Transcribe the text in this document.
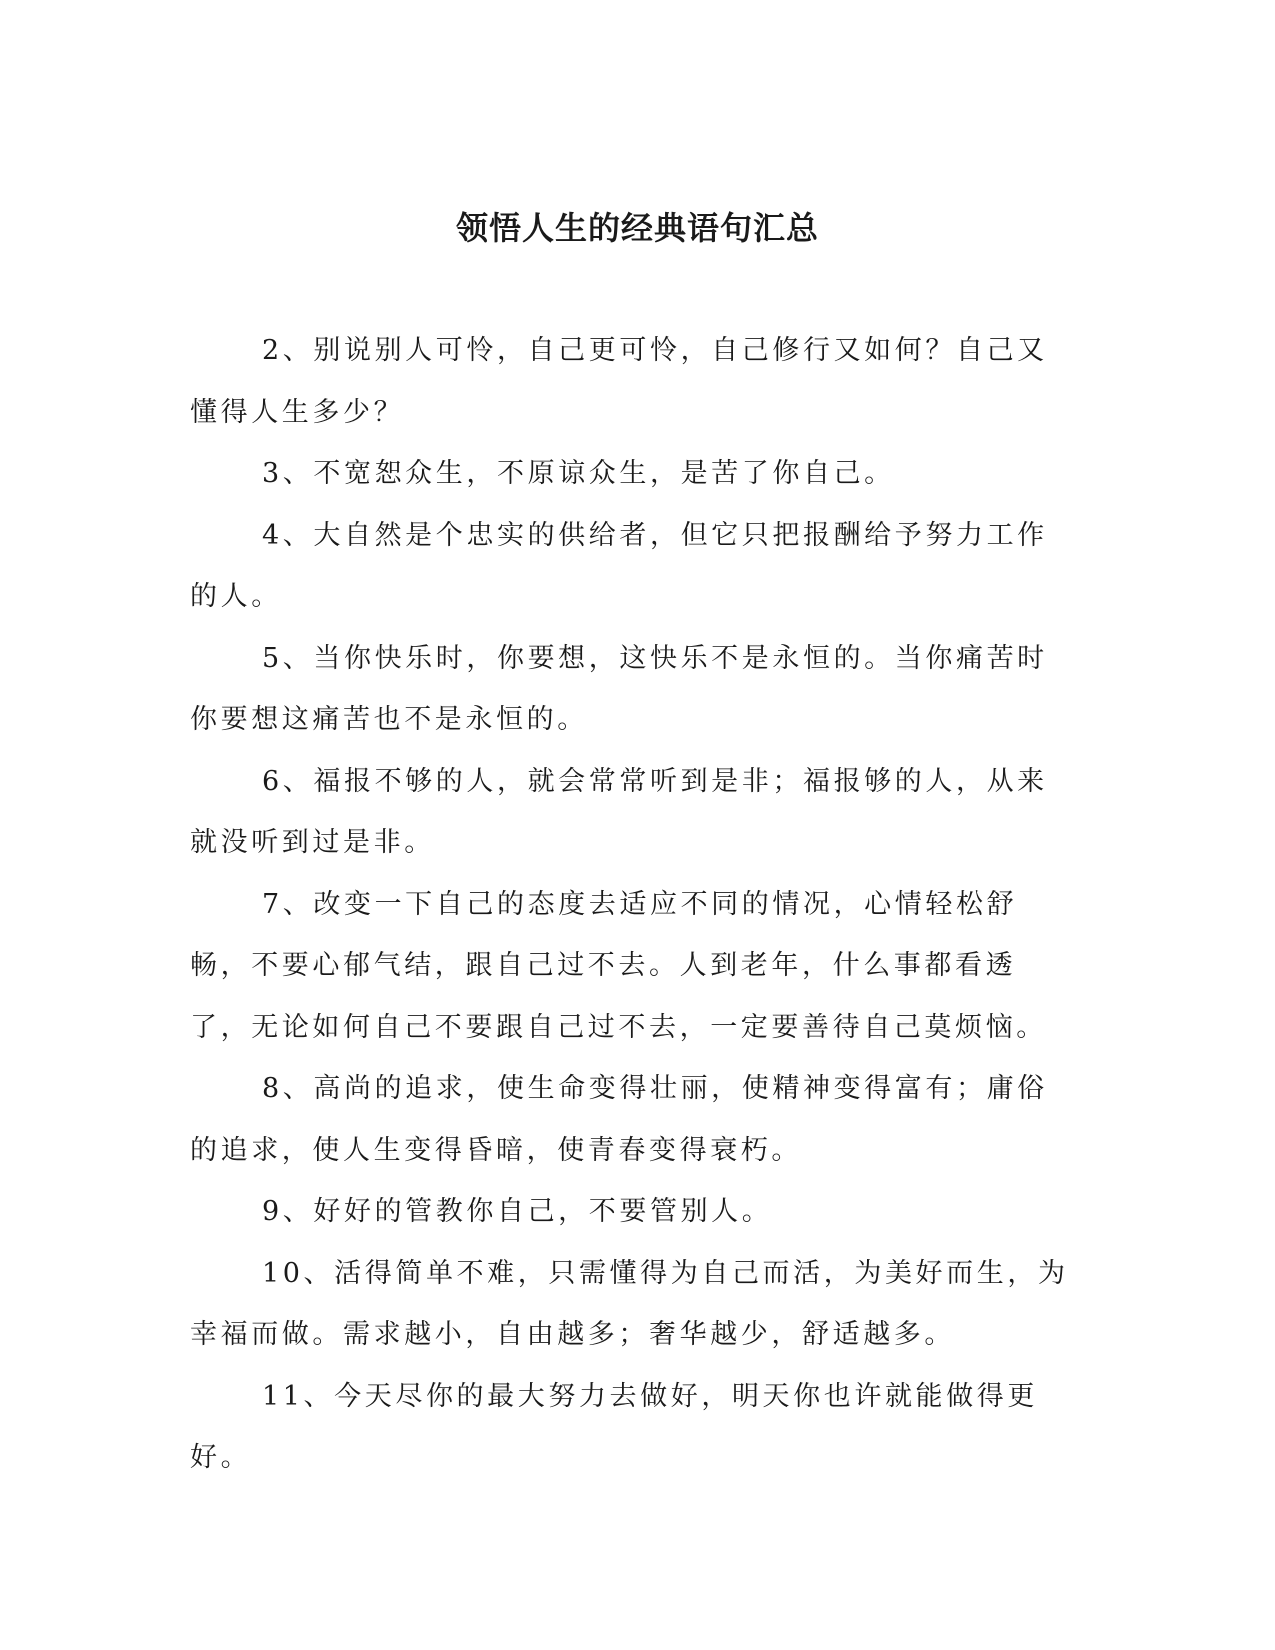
领悟人生的经典语句汇总

2、别说别人可怜，自己更可怜，自己修行又如何？自己又懂得人生多少？

3、不宽恕众生，不原谅众生，是苦了你自己。

4、大自然是个忠实的供给者，但它只把报酬给予努力工作的人。

5、当你快乐时，你要想，这快乐不是永恒的。当你痛苦时你要想这痛苦也不是永恒的。

6、福报不够的人，就会常常听到是非；福报够的人，从来就没听到过是非。

7、改变一下自己的态度去适应不同的情况，心情轻松舒畅，不要心郁气结，跟自己过不去。人到老年，什么事都看透了，无论如何自己不要跟自己过不去，一定要善待自己莫烦恼。

8、高尚的追求，使生命变得壮丽，使精神变得富有；庸俗的追求，使人生变得昏暗，使青春变得衰朽。

9、好好的管教你自己，不要管别人。

10、活得简单不难，只需懂得为自己而活，为美好而生，为幸福而做。需求越小，自由越多；奢华越少，舒适越多。

11、今天尽你的最大努力去做好，明天你也许就能做得更好。
